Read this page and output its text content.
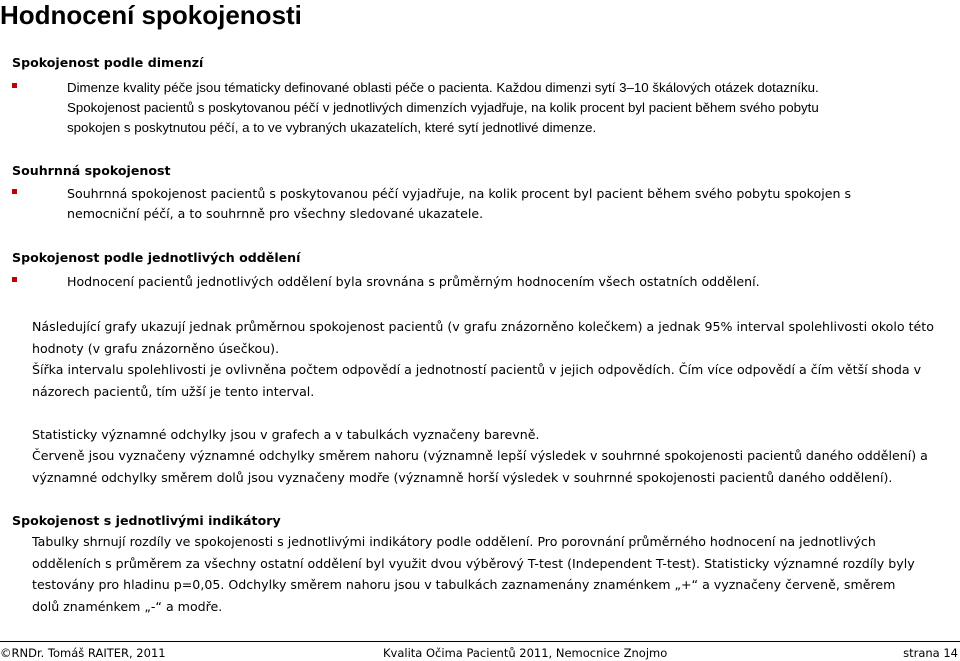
Hodnocení spokojenosti
Spokojenost podle dimenzí
Dimenze kvality péče jsou tématicky definované oblasti péče o pacienta. Každou dimenzi sytí 3–10 škálových otázek dotazníku.
Spokojenost pacientů s poskytovanou péčí v jednotlivých dimenzích vyjadřuje, na kolik procent byl pacient během svého pobytu
spokojen s poskytnutou péčí, a to ve vybraných ukazatelích, které sytí jednotlivé dimenze.
Souhrnná spokojenost
Souhrnná spokojenost pacientů s poskytovanou péčí vyjadřuje, na kolik procent byl pacient během svého pobytu spokojen s nemocniční péčí, a to souhrnně pro všechny sledované ukazatele.
Spokojenost podle jednotlivých oddělení
Hodnocení pacientů jednotlivých oddělení byla srovnána s průměrným hodnocením všech ostatních oddělení.

Následující grafy ukazují jednak průměrnou spokojenost pacientů (v grafu znázorněno kolečkem) a jednak 95% interval spolehlivosti okolo této hodnoty (v grafu znázorněno úsečkou).

Šířka intervalu spolehlivosti je ovlivněna počtem odpovědí a jednotností pacientů v jejich odpovědích. Čím více odpovědí a čím větší shoda v názorech pacientů, tím užší je tento interval.

Statisticky významné odchylky jsou v grafech a v tabulkách vyznačeny barevně.

Červeně jsou vyznačeny významné odchylky směrem nahoru (významně lepší výsledek v souhrnné spokojenosti pacientů daného oddělení) a významné odchylky směrem dolů jsou vyznačeny modře (významně horší výsledek v souhrnné spokojenosti pacientů daného oddělení).

Spokojenost s jednotlivými indikátory

Tabulky shrnují rozdíly ve spokojenosti s jednotlivými indikátory podle oddělení. Pro porovnání průměrného hodnocení na jednotlivých odděleních s průměrem za všechny ostatní oddělení byl využit dvou výběrový T-test (Independent T-test). Statisticky významné rozdíly byly testovány pro hladinu p=0,05. Odchylky směrem nahoru jsou v tabulkách zaznamenány znaménkem „+“ a vyznačeny červeně, směrem dolů znaménkem „-“ a modře.

©RNDr. Tomáš RAITER, 2011	Kvalita Očima Pacientů 2011, Nemocnice Znojmo	strana 14
